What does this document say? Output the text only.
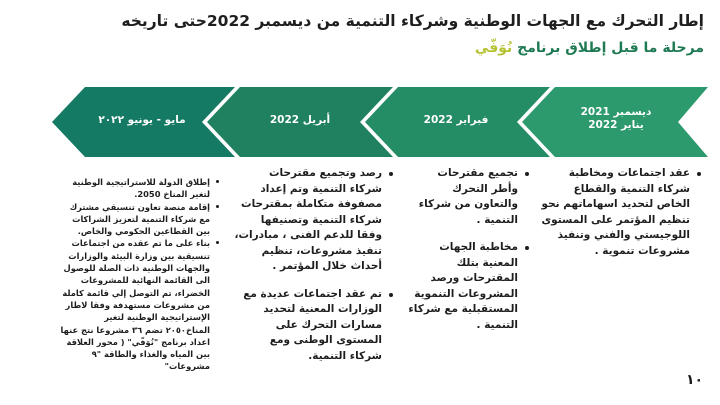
إطار التحرك مع الجهات الوطنية وشركاء التنمية من ديسمبر 2022حتى تاريخه
مرحلة ما قبل إطلاق برنامج نُوَفّي
ديسمبر 2021
يناير 2022
فبراير 2022
أبريل 2022
مايو - يونيو ٢٠٢٢
عقد اجتماعات ومخاطبة شركاء التنمية والقطاع الخاص لتحديد اسهاماتهم نحو تنظيم المؤتمر على المستوى اللوجيستي والفني وتنفيذ مشروعات تنموية .
تجميع مقترحات وأطر التحرك والتعاون من شركاء التنمية .
مخاطبة الجهات المعنية بتلك المقترحات ورصد المشروعات التنموية المستقبلية مع شركاء التنمية .
رصد وتجميع مقترحات شركاء التنمية وتم إعداد مصفوفة متكاملة بمقترحات شركاء التنمية وتصنيفها وفقا للدعم الفنى ، مبادرات، تنفيذ مشروعات، تنظيم أحداث خلال المؤتمر .
تم عقد اجتماعات عديدة مع الوزارات المعنية لتحديد مسارات التحرك على المستوى الوطنى ومع شركاء التنمية.
إطلاق الدولة للاستراتيجية الوطنية لتغير المناخ 2050.
إقامة منصة تعاون تنسيقي مشترك مع شركاء التنمية لتعزيز الشراكات بين القطاعين الحكومي والخاص.
بناء على ما تم عقده من اجتماعات تنسيقية بين وزارة البيئة والوزارات والجهات الوطنية ذات الصلة للوصول الى القائمة النهائية للمشروعات الخضراء، تم التوصل إلي قائمة كاملة من مشروعات مستهدفة وفقا لاطار الإستراتيجية الوطنية لتغير المناخ٢٠٥٠ تضم ٣٦ مشروعا نتج عنها اعداد برنامج "نُوَفّي" ( محور العلاقة بين المياه والغذاء والطاقة "٩ مشروعات"
١٠
